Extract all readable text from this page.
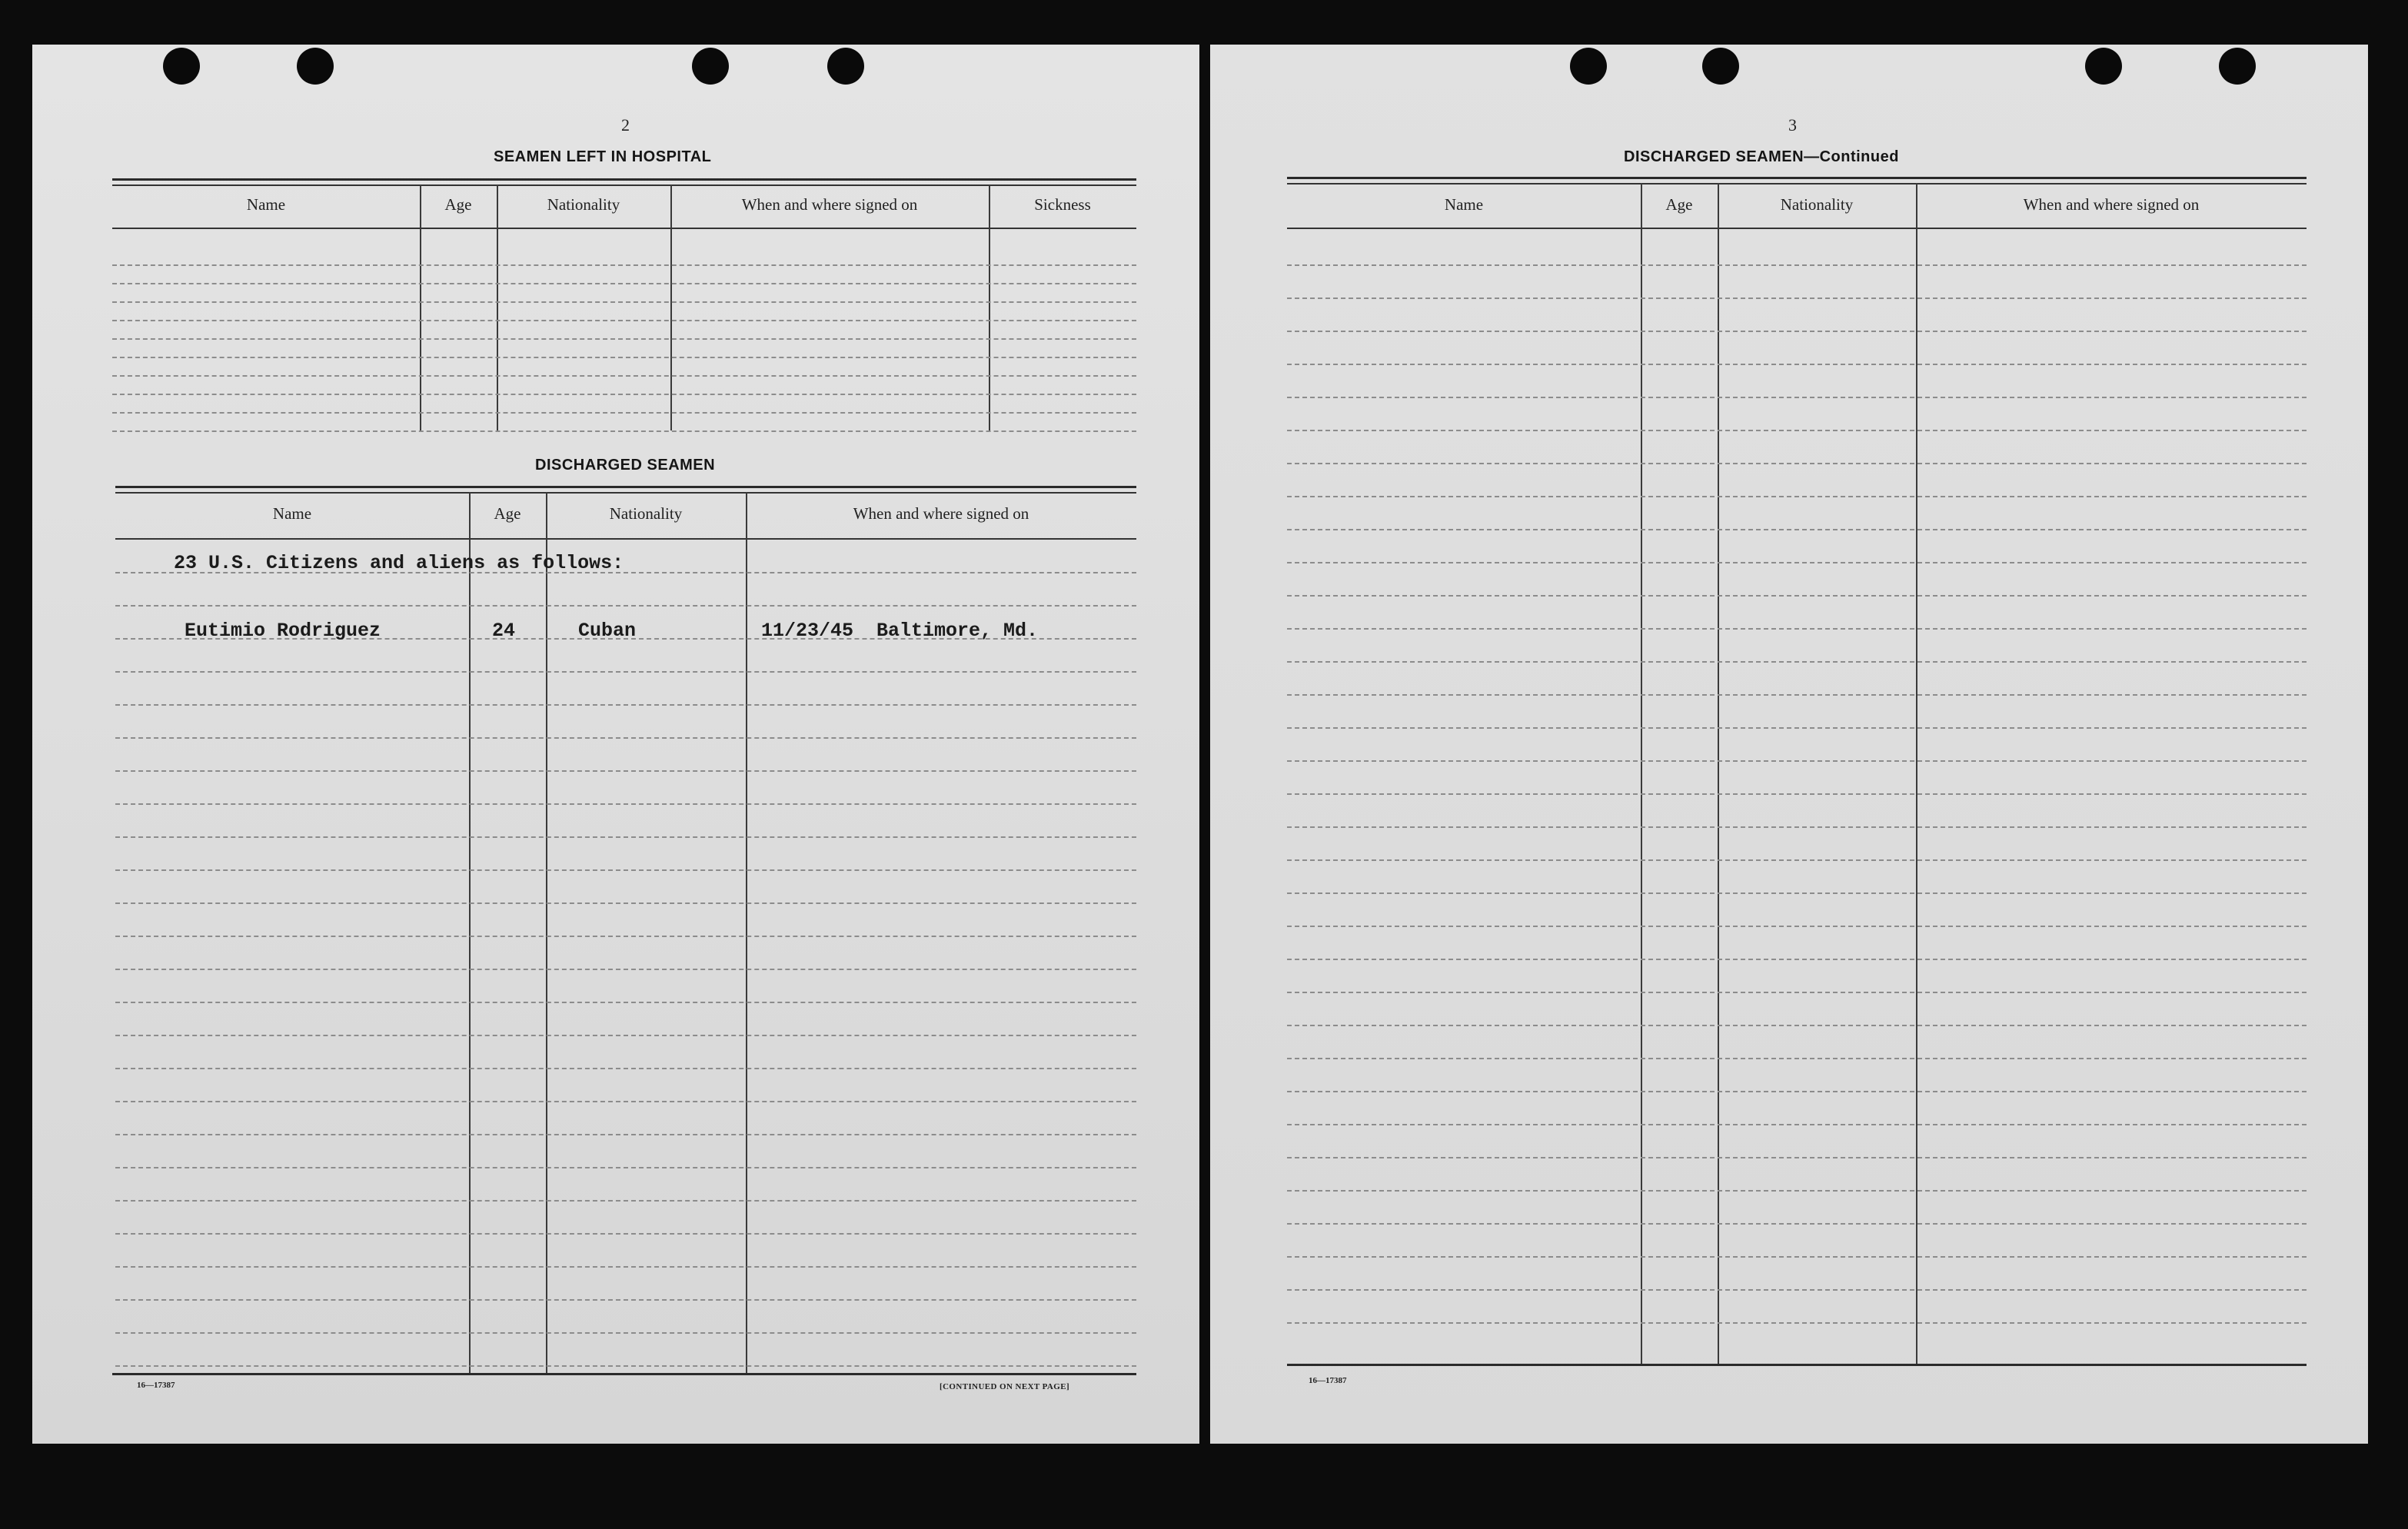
2
SEAMEN LEFT IN HOSPITAL
Name	Age	Nationality	When and where signed on	Sickness
DISCHARGED SEAMEN
Name	Age	Nationality	When and where signed on
23 U.S. Citizens and aliens as follows:
Eutimio Rodriguez	24	Cuban	11/23/45  Baltimore, Md.
16—17387	[CONTINUED ON NEXT PAGE]
3
DISCHARGED SEAMEN—Continued
Name	Age	Nationality	When and where signed on
16—17387
